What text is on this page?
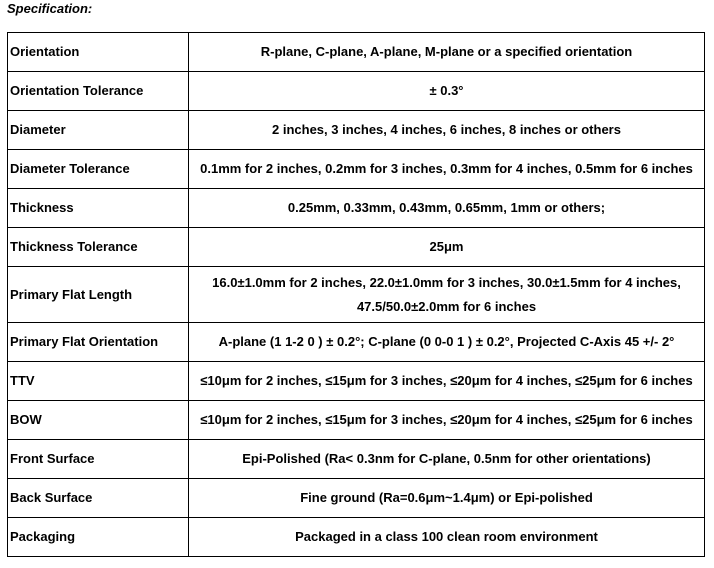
Specification:
Orientation	R-plane, C-plane, A-plane, M-plane or a specified orientation
Orientation Tolerance	± 0.3°
Diameter	2 inches, 3 inches, 4 inches, 6 inches, 8 inches or others
Diameter Tolerance	0.1mm for 2 inches, 0.2mm for 3 inches, 0.3mm for 4 inches, 0.5mm for 6 inches
Thickness	0.25mm, 0.33mm, 0.43mm, 0.65mm, 1mm or others;
Thickness Tolerance	25μm
Primary Flat Length	16.0±1.0mm for 2 inches, 22.0±1.0mm for 3 inches, 30.0±1.5mm for 4 inches,
47.5/50.0±2.0mm for 6 inches

Primary Flat Orientation	A-plane (1 1-2 0 ) ± 0.2°; C-plane (0 0-0 1 ) ± 0.2°, Projected C-Axis 45 +/- 2°
TTV	≤10μm for 2 inches, ≤15μm for 3 inches, ≤20μm for 4 inches, ≤25μm for 6 inches
BOW	≤10μm for 2 inches, ≤15μm for 3 inches, ≤20μm for 4 inches, ≤25μm for 6 inches
Front Surface	Epi-Polished (Ra< 0.3nm for C-plane, 0.5nm for other orientations)
Back Surface	Fine ground (Ra=0.6μm~1.4μm) or Epi-polished
Packaging	Packaged in a class 100 clean room environment
